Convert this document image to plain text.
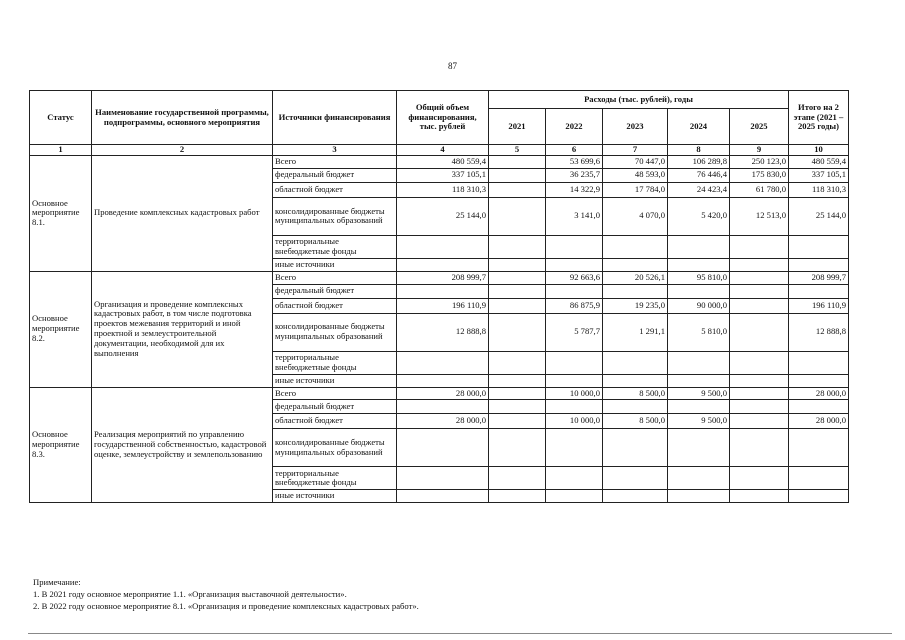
87
Статус	Наименование государственной программы, подпрограммы, основного мероприятия	Источники финансирования	Общий объем финансирования, тыс. рублей	Расходы (тыс. рублей), годы					Итого на 2 этапе (2021 – 2025 годы)
				2021	2022	2023	2024	2025	
1	2	3	4	5	6	7	8	9	10
Основное мероприятие 8.1.	Проведение комплексных кадастровых работ	Всего	480 559,4		53 699,6	70 447,0	106 289,8	250 123,0	480 559,4
		федеральный бюджет	337 105,1		36 235,7	48 593,0	76 446,4	175 830,0	337 105,1
		областной бюджет	118 310,3		14 322,9	17 784,0	24 423,4	61 780,0	118 310,3
		консолидированные бюджеты муниципальных образований	25 144,0		3 141,0	4 070,0	5 420,0	12 513,0	25 144,0
		территориальные внебюджетные фонды							
		иные источники							
Основное мероприятие 8.2.	Организация и проведение комплексных кадастровых работ, в том числе подготовка проектов межевания территорий и иной проектной и землеустроительной документации, необходимой для их выполнения	Всего	208 999,7		92 663,6	20 526,1	95 810,0		208 999,7
		федеральный бюджет							
		областной бюджет	196 110,9		86 875,9	19 235,0	90 000,0		196 110,9
		консолидированные бюджеты муниципальных образований	12 888,8		5 787,7	1 291,1	5 810,0		12 888,8
		территориальные внебюджетные фонды							
		иные источники							
Основное мероприятие 8.3.	Реализация мероприятий по управлению государственной собственностью, кадастровой оценке, землеустройству и землепользованию	Всего	28 000,0		10 000,0	8 500,0	9 500,0		28 000,0
		федеральный бюджет							
		областной бюджет	28 000,0		10 000,0	8 500,0	9 500,0		28 000,0
		консолидированные бюджеты муниципальных образований							
		территориальные внебюджетные фонды							
		иные источники							
Примечание:
1. В 2021 году основное мероприятие 1.1. «Организация выставочной деятельности».
2. В 2022 году основное мероприятие 8.1. «Организация и проведение комплексных кадастровых работ».
